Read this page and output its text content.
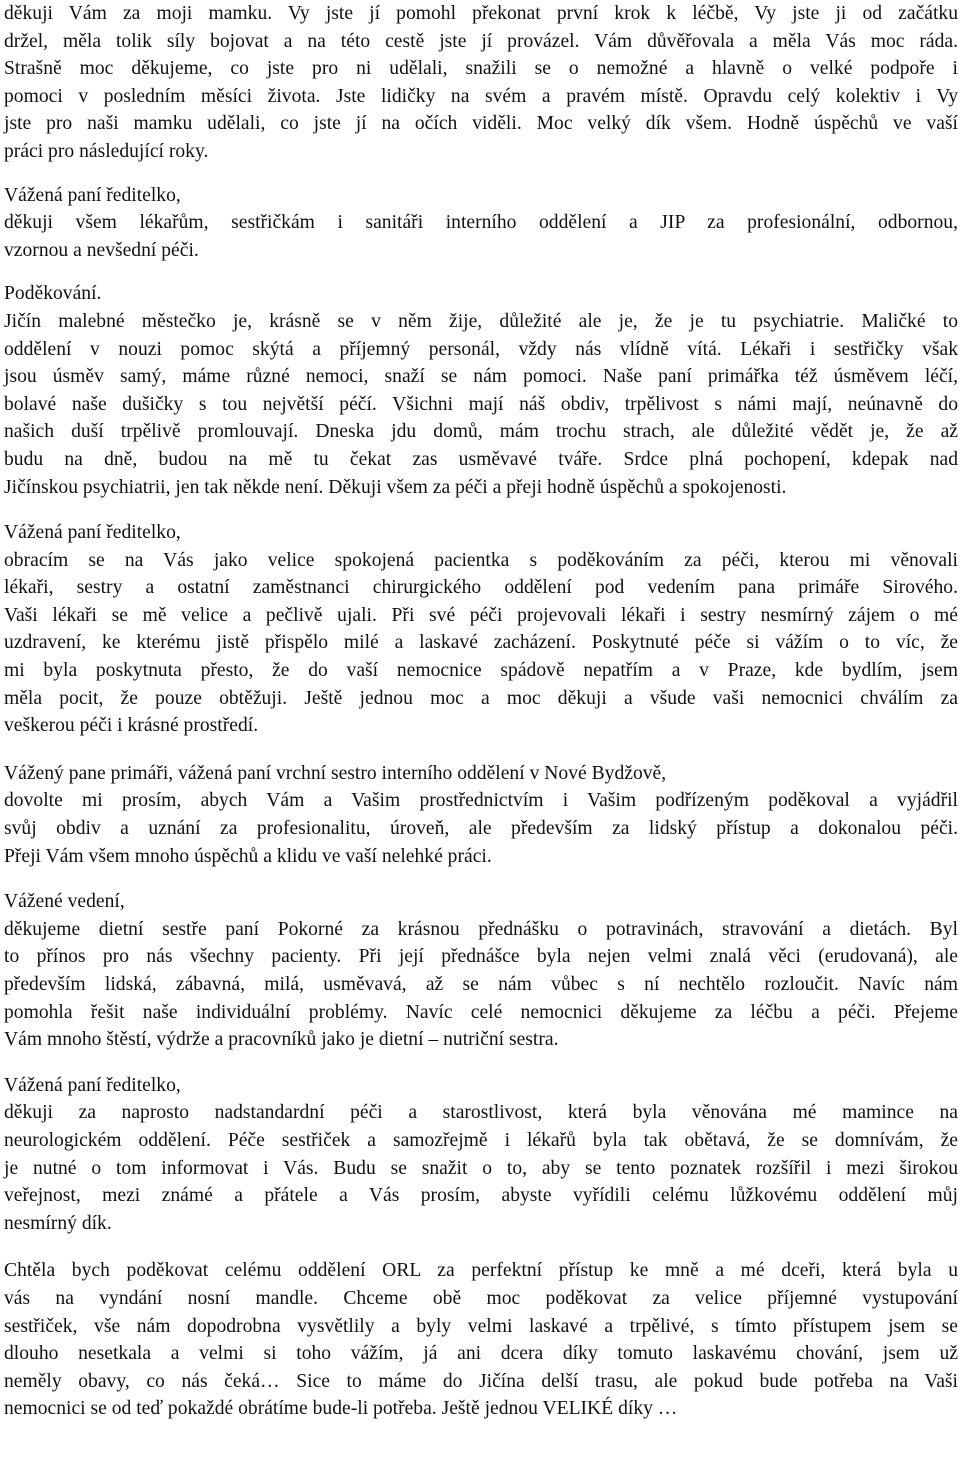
děkuji Vám za moji mamku. Vy jste jí pomohl překonat první krok k léčbě, Vy jste ji od začátku
držel, měla tolik síly bojovat a na této cestě jste jí provázel. Vám důvěřovala a měla Vás moc ráda.
Strašně moc děkujeme, co jste pro ni udělali, snažili se o nemožné a hlavně o velké podpoře i
pomoci v posledním měsíci života. Jste lidičky na svém a pravém místě. Opravdu celý kolektiv i Vy
jste pro naši mamku udělali, co jste jí na očích viděli. Moc velký dík všem. Hodně úspěchů ve vaší
práci pro následující roky.
Vážená paní ředitelko,
děkuji všem lékařům, sestřičkám i sanitáři interního oddělení a JIP za profesionální, odbornou,
vzornou a nevšední péči.
Poděkování.
Jičín malebné městečko je, krásně se v něm žije, důležité ale je, že je tu psychiatrie. Maličké to
oddělení v nouzi pomoc skýtá a příjemný personál, vždy nás vlídně vítá. Lékaři i sestřičky však
jsou úsměv samý, máme různé nemoci, snaží se nám pomoci. Naše paní primářka též úsměvem léčí,
bolavé naše dušičky s tou největší péčí. Všichni mají náš obdiv, trpělivost s námi mají, neúnavně do
našich duší trpělivě promlouvají. Dneska jdu domů, mám trochu strach, ale důležité vědět je, že až
budu na dně, budou na mě tu čekat zas usměvavé tváře. Srdce plná pochopení, kdepak nad
Jičínskou psychiatrii, jen tak někde není. Děkuji všem za péči a přeji hodně úspěchů a spokojenosti.
Vážená paní ředitelko,
obracím se na Vás jako velice spokojená pacientka s poděkováním za péči, kterou mi věnovali
lékaři, sestry a ostatní zaměstnanci chirurgického oddělení pod vedením pana primáře Sirového.
Vaši lékaři se mě velice a pečlivě ujali. Při své péči projevovali lékaři i sestry nesmírný zájem o mé
uzdravení, ke kterému jistě přispělo milé a laskavé zacházení. Poskytnuté péče si vážím o to víc, že
mi byla poskytnuta přesto, že do vaší nemocnice spádově nepatřím a v Praze, kde bydlím, jsem
měla pocit, že pouze obtěžuji. Ještě jednou moc a moc děkuji a všude vaši nemocnici chválím za
veškerou péči i krásné prostředí.
Vážený pane primáři, vážená paní vrchní sestro interního oddělení v Nové Bydžově,
dovolte mi prosím, abych Vám a Vašim prostřednictvím i Vašim podřízeným poděkoval a vyjádřil
svůj obdiv a uznání za profesionalitu, úroveň, ale především za lidský přístup a dokonalou péči.
Přeji Vám všem mnoho úspěchů a klidu ve vaší nelehké práci.
Vážené vedení,
děkujeme dietní sestře paní Pokorné za krásnou přednášku o potravinách, stravování a dietách. Byl
to přínos pro nás všechny pacienty. Při její přednášce byla nejen velmi znalá věci (erudovaná), ale
především lidská, zábavná, milá, usměvavá, až se nám vůbec s ní nechtělo rozloučit. Navíc nám
pomohla řešit naše individuální problémy. Navíc celé nemocnici děkujeme za léčbu a péči. Přejeme
Vám mnoho štěstí, výdrže a pracovníků jako je dietní – nutriční sestra.
Vážená paní ředitelko,
děkuji za naprosto nadstandardní péči a starostlivost, která byla věnována mé mamince na
neurologickém oddělení. Péče sestřiček a samozřejmě i lékařů byla tak obětavá, že se domnívám, že
je nutné o tom informovat i Vás. Budu se snažit o to, aby se tento poznatek rozšířil i mezi širokou
veřejnost, mezi známé a přátele a Vás prosím, abyste vyřídili celému lůžkovému oddělení můj
nesmírný dík.
Chtěla bych poděkovat celému oddělení ORL za perfektní přístup ke mně a mé dceři, která byla u
vás na vyndání nosní mandle. Chceme obě moc poděkovat za velice příjemné vystupování
sestřiček, vše nám dopodrobna vysvětlily a byly velmi laskavé a trpělivé, s tímto přístupem jsem se
dlouho nesetkala a velmi si toho vážím, já ani dcera díky tomuto laskavému chování, jsem už
neměly obavy, co nás čeká… Sice to máme do Jičína delší trasu, ale pokud bude potřeba na Vaši
nemocnici se od teď pokaždé obrátíme bude-li potřeba. Ještě jednou VELIKÉ díky …
